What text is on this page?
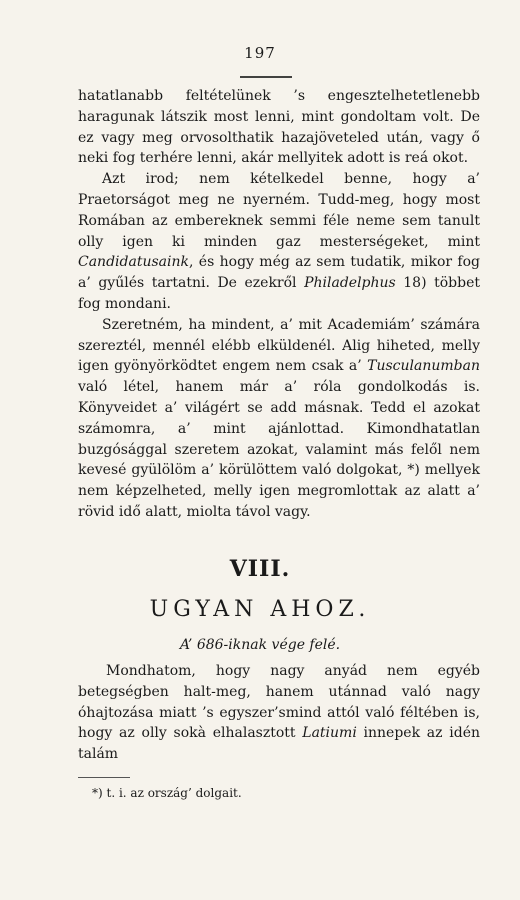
197

hatatlanabb feltételünek ’s engesztelhetetlenebb haragunak látszik most lenni, mint gondoltam volt. De ez vagy meg orvosolthatik hazajöveteled után, vagy ő neki fog terhére lenni, akár mellyitek adott is reá okot.

Azt irod; nem kételkedel benne, hogy a’ Praetorságot meg ne nyerném. Tudd-meg, hogy most Romában az embereknek semmi féle neme sem tanult olly igen ki minden gaz mesterségeket, mint Candidatusaink, és hogy még az sem tudatik, mikor fog a’ gyűlés tartatni. De ezekről Philadelphus 18) többet fog mondani.

Szeretném, ha mindent, a’ mit Academiám’ számára szereztél, mennél elébb elküldenél. Alig hiheted, melly igen gyönyörködtet engem nem csak a’ Tusculanumban való létel, hanem már a’ róla gondolkodás is. Könyveidet a’ világért se add másnak. Tedd el azokat számomra, a’ mint ajánlottad. Kimondhatatlan buzgósággal szeretem azokat, valamint más felől nem kevesé gyülölöm a’ körülöttem való dolgokat, *) mellyek nem képzelheted, melly igen megromlottak az alatt a’ rövid idő alatt, miolta távol vagy.

VIII.
UGYAN AHOZ.
A’ 686-iknak vége felé.

Mondhatom, hogy nagy anyád nem egyéb betegségben halt-meg, hanem utánnad való nagy óhajtozása miatt ’s egyszer’smind attól való féltében is, hogy az olly sokà elhalasztott Latiumi innepek az idén talám

*) t. i. az ország’ dolgait.
